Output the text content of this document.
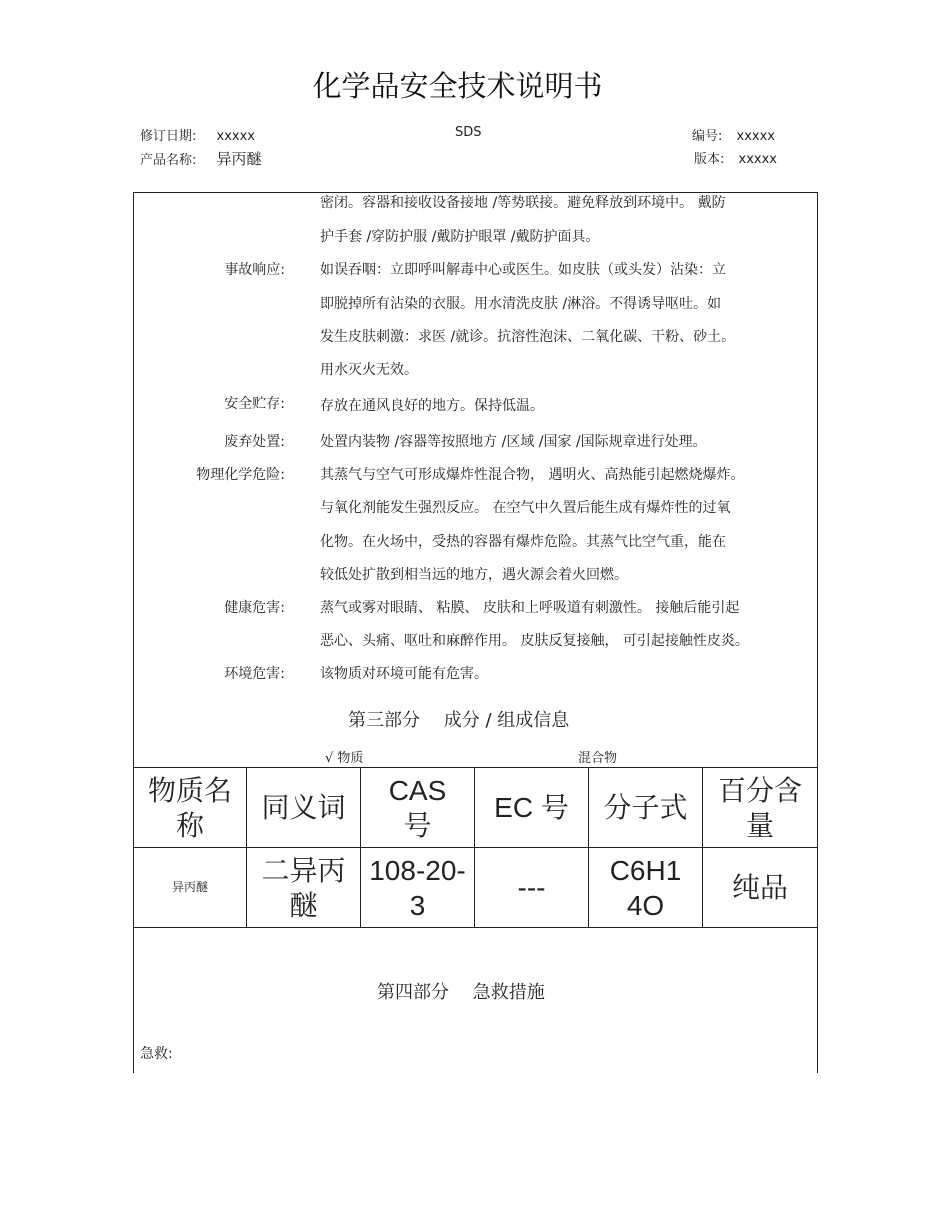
化学品安全技术说明书
修订日期: xxxxx	SDS	编号: xxxxx
产品名称: 异丙醚	版本: xxxxx
密闭。容器和接收设备接地 /等势联接。避免释放到环境中。 戴防
护手套 /穿防护服 /戴防护眼罩 /戴防护面具。
事故响应:	如误吞咽：立即呼叫解毒中心或医生。如皮肤（或头发）沾染：立
即脱掉所有沾染的衣服。用水清洗皮肤 /淋浴。不得诱导呕吐。如
发生皮肤刺激：求医 /就诊。抗溶性泡沫、二氧化碳、干粉、砂土。
用水灭火无效。
安全贮存:	存放在通风良好的地方。保持低温。
废弃处置:	处置内装物 /容器等按照地方 /区域 /国家 /国际规章进行处理。
物理化学危险:	其蒸气与空气可形成爆炸性混合物， 遇明火、高热能引起燃烧爆炸。
与氧化剂能发生强烈反应。 在空气中久置后能生成有爆炸性的过氧
化物。在火场中，受热的容器有爆炸危险。其蒸气比空气重，能在
较低处扩散到相当远的地方，遇火源会着火回燃。
健康危害:	蒸气或雾对眼睛、 粘膜、 皮肤和上呼吸道有刺激性。 接触后能引起
恶心、头痛、呕吐和麻醉作用。 皮肤反复接触， 可引起接触性皮炎。
环境危害:	该物质对环境可能有危害。
第三部分　 成分 / 组成信息
√ 物质	混合物
物质名称	同义词	CAS 号	EC 号	分子式	百分含量
异丙醚	二异丙醚	108-20-3	---	C6H14O	纯品
第四部分　 急救措施
急救:
